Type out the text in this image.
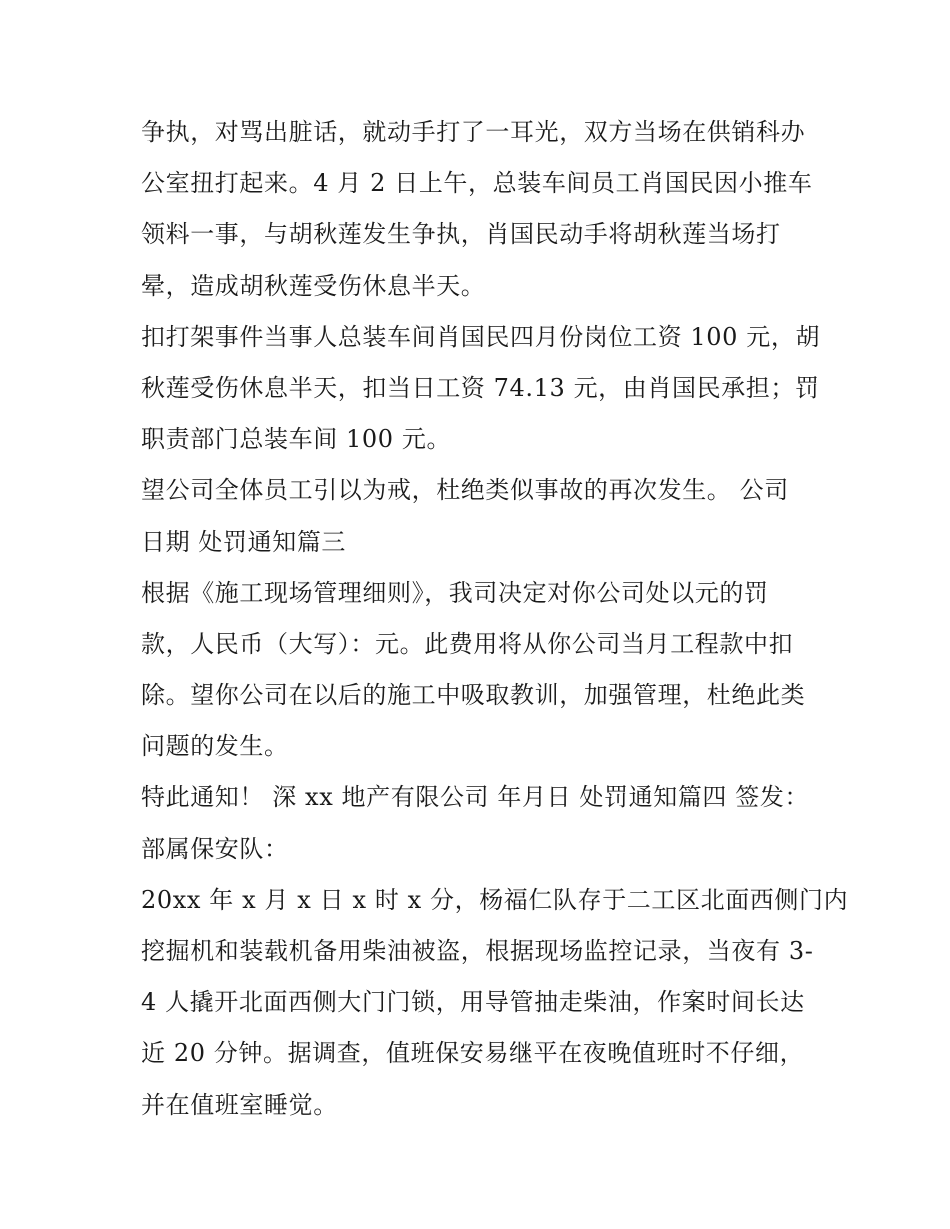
争执，对骂出脏话，就动手打了一耳光，双方当场在供销科办
公室扭打起来。4 月 2 日上午，总装车间员工肖国民因小推车
领料一事，与胡秋莲发生争执，肖国民动手将胡秋莲当场打
晕，造成胡秋莲受伤休息半天。
扣打架事件当事人总装车间肖国民四月份岗位工资 100 元，胡
秋莲受伤休息半天，扣当日工资 74.13 元，由肖国民承担；罚
职责部门总装车间 100 元。
望公司全体员工引以为戒，杜绝类似事故的再次发生。 公司
日期 处罚通知篇三
根据《施工现场管理细则》，我司决定对你公司处以元的罚
款，人民币（大写）：元。此费用将从你公司当月工程款中扣
除。望你公司在以后的施工中吸取教训，加强管理，杜绝此类
问题的发生。
特此通知！ 深 xx 地产有限公司 年月日 处罚通知篇四 签发：
部属保安队：
20xx 年 x 月 x 日 x 时 x 分，杨福仁队存于二工区北面西侧门内
挖掘机和装载机备用柴油被盗，根据现场监控记录，当夜有 3-
4 人撬开北面西侧大门门锁，用导管抽走柴油，作案时间长达
近 20 分钟。据调查，值班保安易继平在夜晚值班时不仔细，
并在值班室睡觉。
